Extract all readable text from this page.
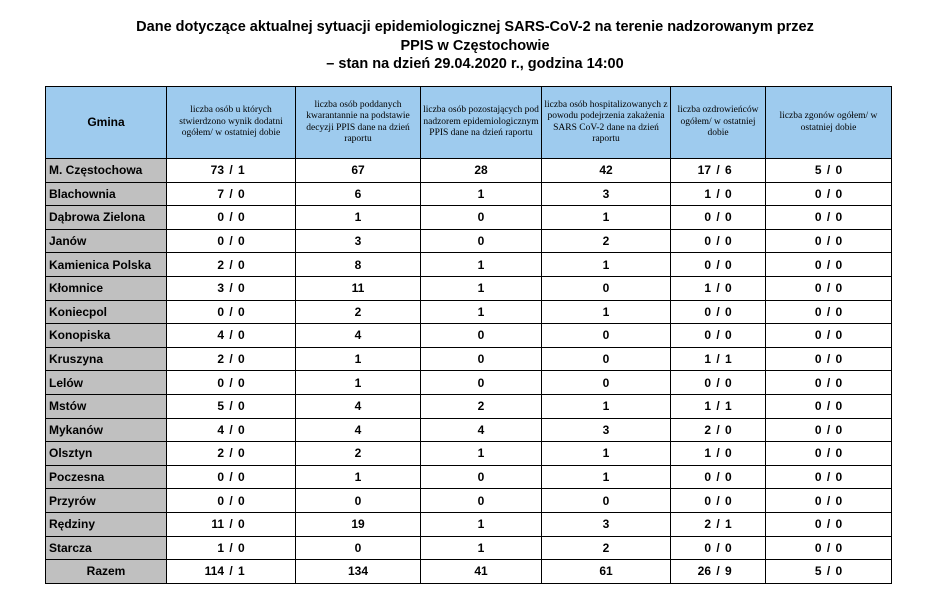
Dane dotyczące aktualnej sytuacji epidemiologicznej SARS-CoV-2 na terenie nadzorowanym przez
PPIS w Częstochowie
– stan na dzień 29.04.2020 r., godzina 14:00
Gmina	liczba osób u których stwierdzono wynik dodatni ogółem/ w ostatniej dobie	liczba osób poddanych kwarantannie na podstawie decyzji PPIS dane na dzień raportu	liczba osób pozostających pod nadzorem epidemiologicznym PPIS dane na dzień raportu	liczba osób hospitalizowanych z powodu podejrzenia zakażenia SARS CoV-2 dane na dzień raportu	liczba ozdrowieńców ogółem/ w ostatniej dobie	liczba zgonów ogółem/ w ostatniej dobie
M. Częstochowa	73 / 1	67	28	42	17 / 6	5 / 0
Blachownia	7 / 0	6	1	3	1 / 0	0 / 0
Dąbrowa Zielona	0 / 0	1	0	1	0 / 0	0 / 0
Janów	0 / 0	3	0	2	0 / 0	0 / 0
Kamienica Polska	2 / 0	8	1	1	0 / 0	0 / 0
Kłomnice	3 / 0	11	1	0	1 / 0	0 / 0
Koniecpol	0 / 0	2	1	1	0 / 0	0 / 0
Konopiska	4 / 0	4	0	0	0 / 0	0 / 0
Kruszyna	2 / 0	1	0	0	1 / 1	0 / 0
Lelów	0 / 0	1	0	0	0 / 0	0 / 0
Mstów	5 / 0	4	2	1	1 / 1	0 / 0
Mykanów	4 / 0	4	4	3	2 / 0	0 / 0
Olsztyn	2 / 0	2	1	1	1 / 0	0 / 0
Poczesna	0 / 0	1	0	1	0 / 0	0 / 0
Przyrów	0 / 0	0	0	0	0 / 0	0 / 0
Rędziny	11 / 0	19	1	3	2 / 1	0 / 0
Starcza	1 / 0	0	1	2	0 / 0	0 / 0
Razem	114 / 1	134	41	61	26 / 9	5 / 0
